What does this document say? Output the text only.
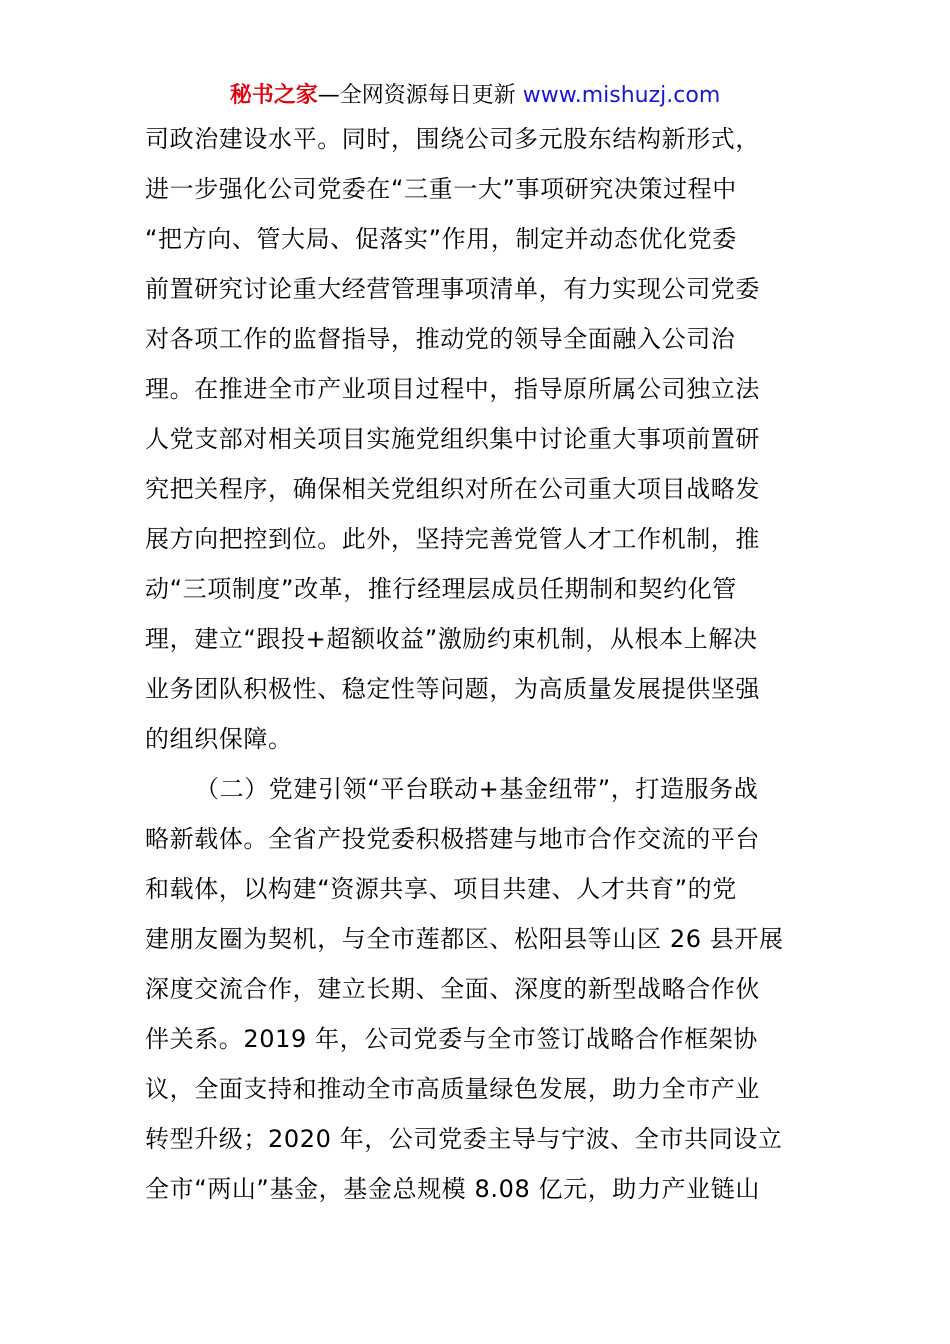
秘书之家—全网资源每日更新 www.mishuzj.com
司政治建设水平。同时，围绕公司多元股东结构新形式，
进一步强化公司党委在“三重一大”事项研究决策过程中
“把方向、管大局、促落实”作用，制定并动态优化党委
前置研究讨论重大经营管理事项清单，有力实现公司党委
对各项工作的监督指导，推动党的领导全面融入公司治
理。在推进全市产业项目过程中，指导原所属公司独立法
人党支部对相关项目实施党组织集中讨论重大事项前置研
究把关程序，确保相关党组织对所在公司重大项目战略发
展方向把控到位。此外，坚持完善党管人才工作机制，推
动“三项制度”改革，推行经理层成员任期制和契约化管
理，建立“跟投+超额收益”激励约束机制，从根本上解决
业务团队积极性、稳定性等问题，为高质量发展提供坚强
的组织保障。
（二）党建引领“平台联动+基金纽带”，打造服务战
略新载体。全省产投党委积极搭建与地市合作交流的平台
和载体，以构建“资源共享、项目共建、人才共育”的党
建朋友圈为契机，与全市莲都区、松阳县等山区 26 县开展
深度交流合作，建立长期、全面、深度的新型战略合作伙
伴关系。2019 年，公司党委与全市签订战略合作框架协
议，全面支持和推动全市高质量绿色发展，助力全市产业
转型升级；2020 年，公司党委主导与宁波、全市共同设立
全市“两山”基金，基金总规模 8.08 亿元，助力产业链山
